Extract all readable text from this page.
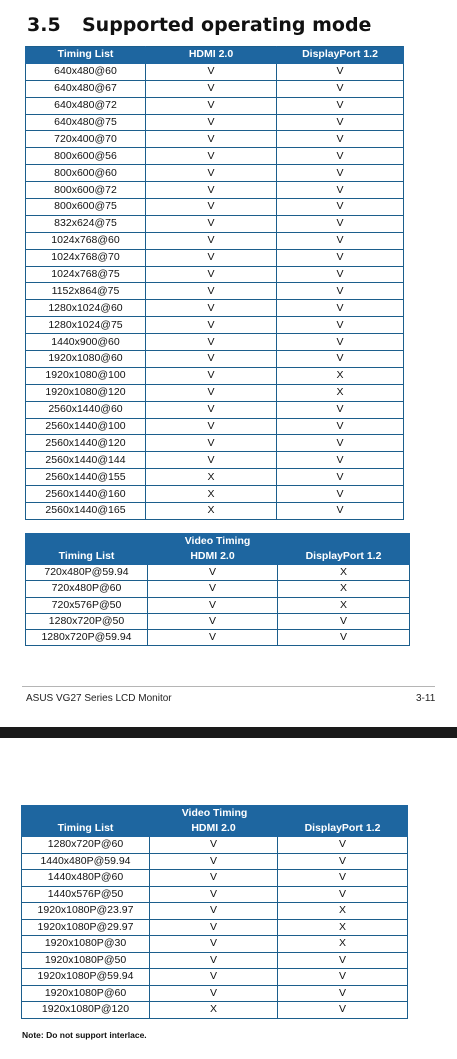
3.5 Supported operating mode
Timing List	HDMI 2.0	DisplayPort 1.2
640x480@60	V	V
640x480@67	V	V
640x480@72	V	V
640x480@75	V	V
720x400@70	V	V
800x600@56	V	V
800x600@60	V	V
800x600@72	V	V
800x600@75	V	V
832x624@75	V	V
1024x768@60	V	V
1024x768@70	V	V
1024x768@75	V	V
1152x864@75	V	V
1280x1024@60	V	V
1280x1024@75	V	V
1440x900@60	V	V
1920x1080@60	V	V
1920x1080@100	V	X
1920x1080@120	V	X
2560x1440@60	V	V
2560x1440@100	V	V
2560x1440@120	V	V
2560x1440@144	V	V
2560x1440@155	X	V
2560x1440@160	X	V
2560x1440@165	X	V
Video Timing		
Timing List	HDMI 2.0	DisplayPort 1.2
720x480P@59.94	V	X
720x480P@60	V	X
720x576P@50	V	X
1280x720P@50	V	V
1280x720P@59.94	V	V
ASUS VG27 Series LCD Monitor	3-11
Video Timing		
Timing List	HDMI 2.0	DisplayPort 1.2
1280x720P@60	V	V
1440x480P@59.94	V	V
1440x480P@60	V	V
1440x576P@50	V	V
1920x1080P@23.97	V	X
1920x1080P@29.97	V	X
1920x1080P@30	V	X
1920x1080P@50	V	V
1920x1080P@59.94	V	V
1920x1080P@60	V	V
1920x1080P@120	X	V
Note: Do not support interlace.
